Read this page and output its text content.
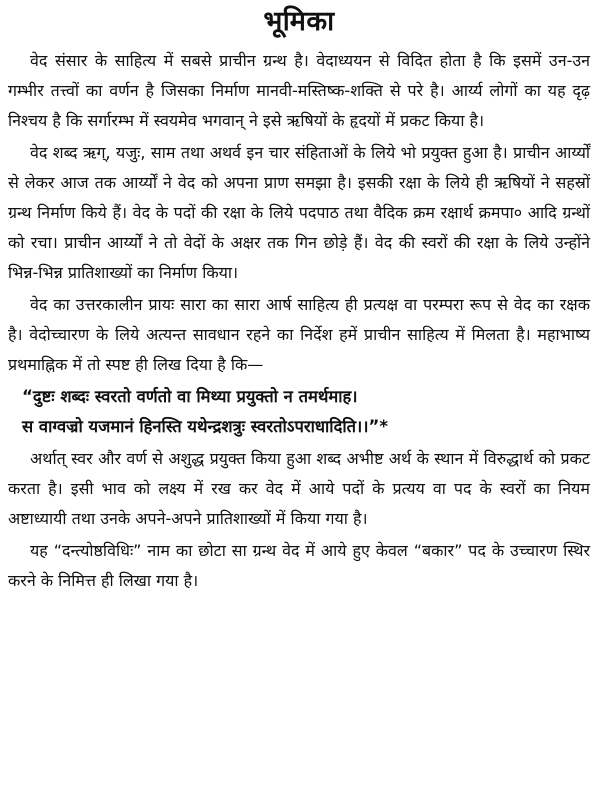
भूमिका

वेद संसार के साहित्य में सबसे प्राचीन ग्रन्थ है। वेदाध्ययन से विदित होता है कि इसमें उन-उन गम्भीर तत्त्वों का वर्णन है जिसका निर्माण मानवी-मस्तिष्क-शक्ति से परे है। आर्य्य लोगों का यह दृढ़ निश्चय है कि सर्गारम्भ में स्वयमेव भगवान् ने इसे ऋषियों के हृदयों में प्रकट किया है।

वेद शब्द ऋग्, यजुः, साम तथा अथर्व इन चार संहिताओं के लिये भो प्रयुक्त हुआ है। प्राचीन आर्य्यों से लेकर आज तक आर्य्यों ने वेद को अपना प्राण समझा है। इसकी रक्षा के लिये ही ऋषियों ने सहस्रों ग्रन्थ निर्माण किये हैं। वेद के पदों की रक्षा के लिये पदपाठ तथा वैदिक क्रम रक्षार्थ क्रमपा० आदि ग्रन्थों को रचा। प्राचीन आर्य्यों ने तो वेदों के अक्षर तक गिन छोड़े हैं। वेद की स्वरों की रक्षा के लिये उन्होंने भिन्न-भिन्न प्रातिशाख्यों का निर्माण किया।

वेद का उत्तरकालीन प्रायः सारा का सारा आर्ष साहित्य ही प्रत्यक्ष वा परम्परा रूप से वेद का रक्षक है। वेदोच्चारण के लिये अत्यन्त सावधान रहने का निर्देश हमें प्राचीन साहित्य में मिलता है। महाभाष्य प्रथमाह्निक में तो स्पष्ट ही लिख दिया है कि—

“दुष्टः शब्दः स्वरतो वर्णतो वा मिथ्या प्रयुक्तो न तमर्थमाह।
स वाग्वज्रो यजमानं हिनस्ति यथेन्द्रशत्रुः स्वरतोऽपराधादिति।।”*

अर्थात् स्वर और वर्ण से अशुद्ध प्रयुक्त किया हुआ शब्द अभीष्ट अर्थ के स्थान में विरुद्धार्थ को प्रकट करता है। इसी भाव को लक्ष्य में रख कर वेद में आये पदों के प्रत्यय वा पद के स्वरों का नियम अष्टाध्यायी तथा उनके अपने-अपने प्रातिशाख्यों में किया गया है।

यह “दन्त्योष्ठविधिः” नाम का छोटा सा ग्रन्थ वेद में आये हुए केवल “बकार” पद के उच्चारण स्थिर करने के निमित्त ही लिखा गया है।
